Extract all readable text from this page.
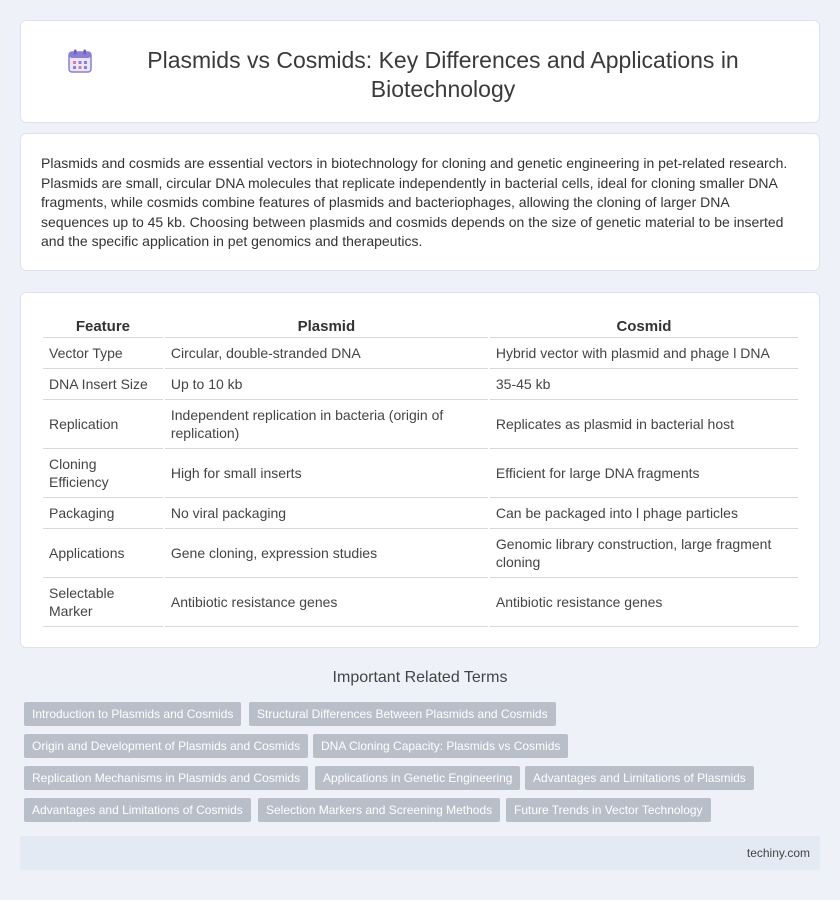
Plasmids vs Cosmids: Key Differences and Applications in Biotechnology

Plasmids and cosmids are essential vectors in biotechnology for cloning and genetic engineering in pet-related research. Plasmids are small, circular DNA molecules that replicate independently in bacterial cells, ideal for cloning smaller DNA fragments, while cosmids combine features of plasmids and bacteriophages, allowing the cloning of larger DNA sequences up to 45 kb. Choosing between plasmids and cosmids depends on the size of genetic material to be inserted and the specific application in pet genomics and therapeutics.

Feature	Plasmid	Cosmid
Vector Type	Circular, double-stranded DNA	Hybrid vector with plasmid and phage l DNA
DNA Insert Size	Up to 10 kb	35-45 kb
Replication	Independent replication in bacteria (origin of replication)	Replicates as plasmid in bacterial host
Cloning Efficiency	High for small inserts	Efficient for large DNA fragments
Packaging	No viral packaging	Can be packaged into l phage particles
Applications	Gene cloning, expression studies	Genomic library construction, large fragment cloning
Selectable Marker	Antibiotic resistance genes	Antibiotic resistance genes
Important Related Terms
Introduction to Plasmids and Cosmids	Structural Differences Between Plasmids and Cosmids
Origin and Development of Plasmids and Cosmids	DNA Cloning Capacity: Plasmids vs Cosmids
Replication Mechanisms in Plasmids and Cosmids	Applications in Genetic Engineering	Advantages and Limitations of Plasmids
Advantages and Limitations of Cosmids	Selection Markers and Screening Methods	Future Trends in Vector Technology
techiny.com
